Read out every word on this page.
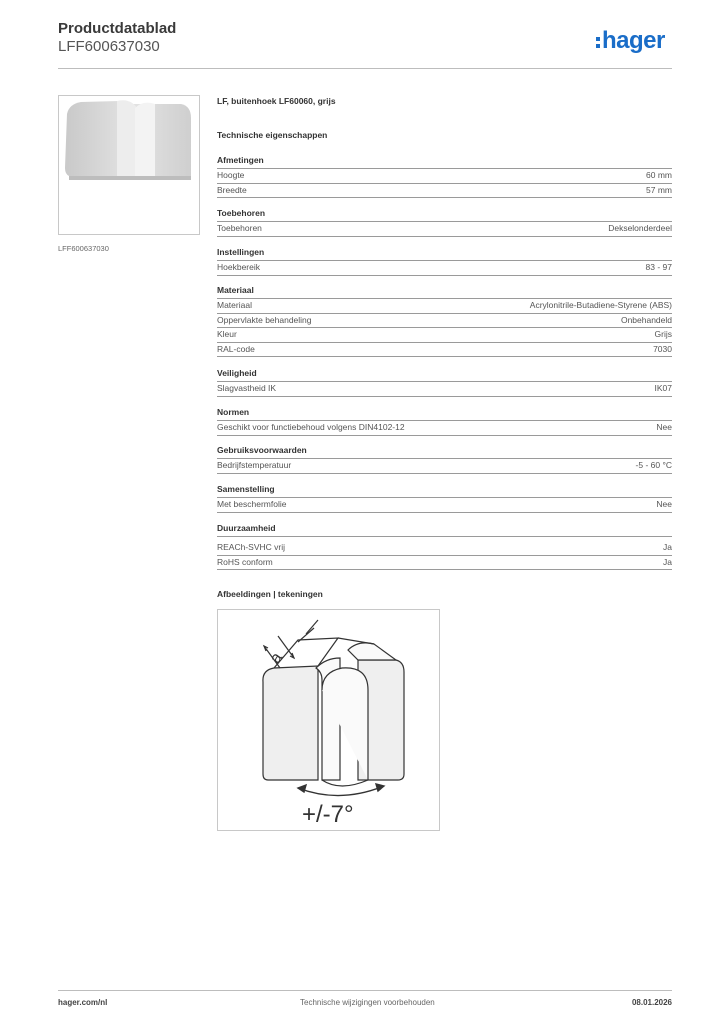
Productdatablad
LFF600637030	hager
LFF600637030
LF, buitenhoek LF60060, grijs
Technische eigenschappen
Afmetingen
Hoogte	60 mm
Breedte	57 mm
Toebehoren
Toebehoren	Dekselonderdeel
Instellingen
Hoekbereik	83 - 97
Materiaal
Materiaal	Acrylonitrile-Butadiene-Styrene (ABS)
Oppervlakte behandeling	Onbehandeld
Kleur	Grijs
RAL-code	7030
Veiligheid
Slagvastheid IK	IK07
Normen
Geschikt voor functiebehoud volgens DIN4102-12	Nee
Gebruiksvoorwaarden
Bedrijfstemperatuur	-5 - 60 °C
Samenstelling
Met beschermfolie	Nee
Duurzaamheid
REACh-SVHC vrij	Ja
RoHS conform	Ja
Afbeeldingen | tekeningen
a
+/-7°
hager.com/nl	Technische wijzigingen voorbehouden	08.01.2026
